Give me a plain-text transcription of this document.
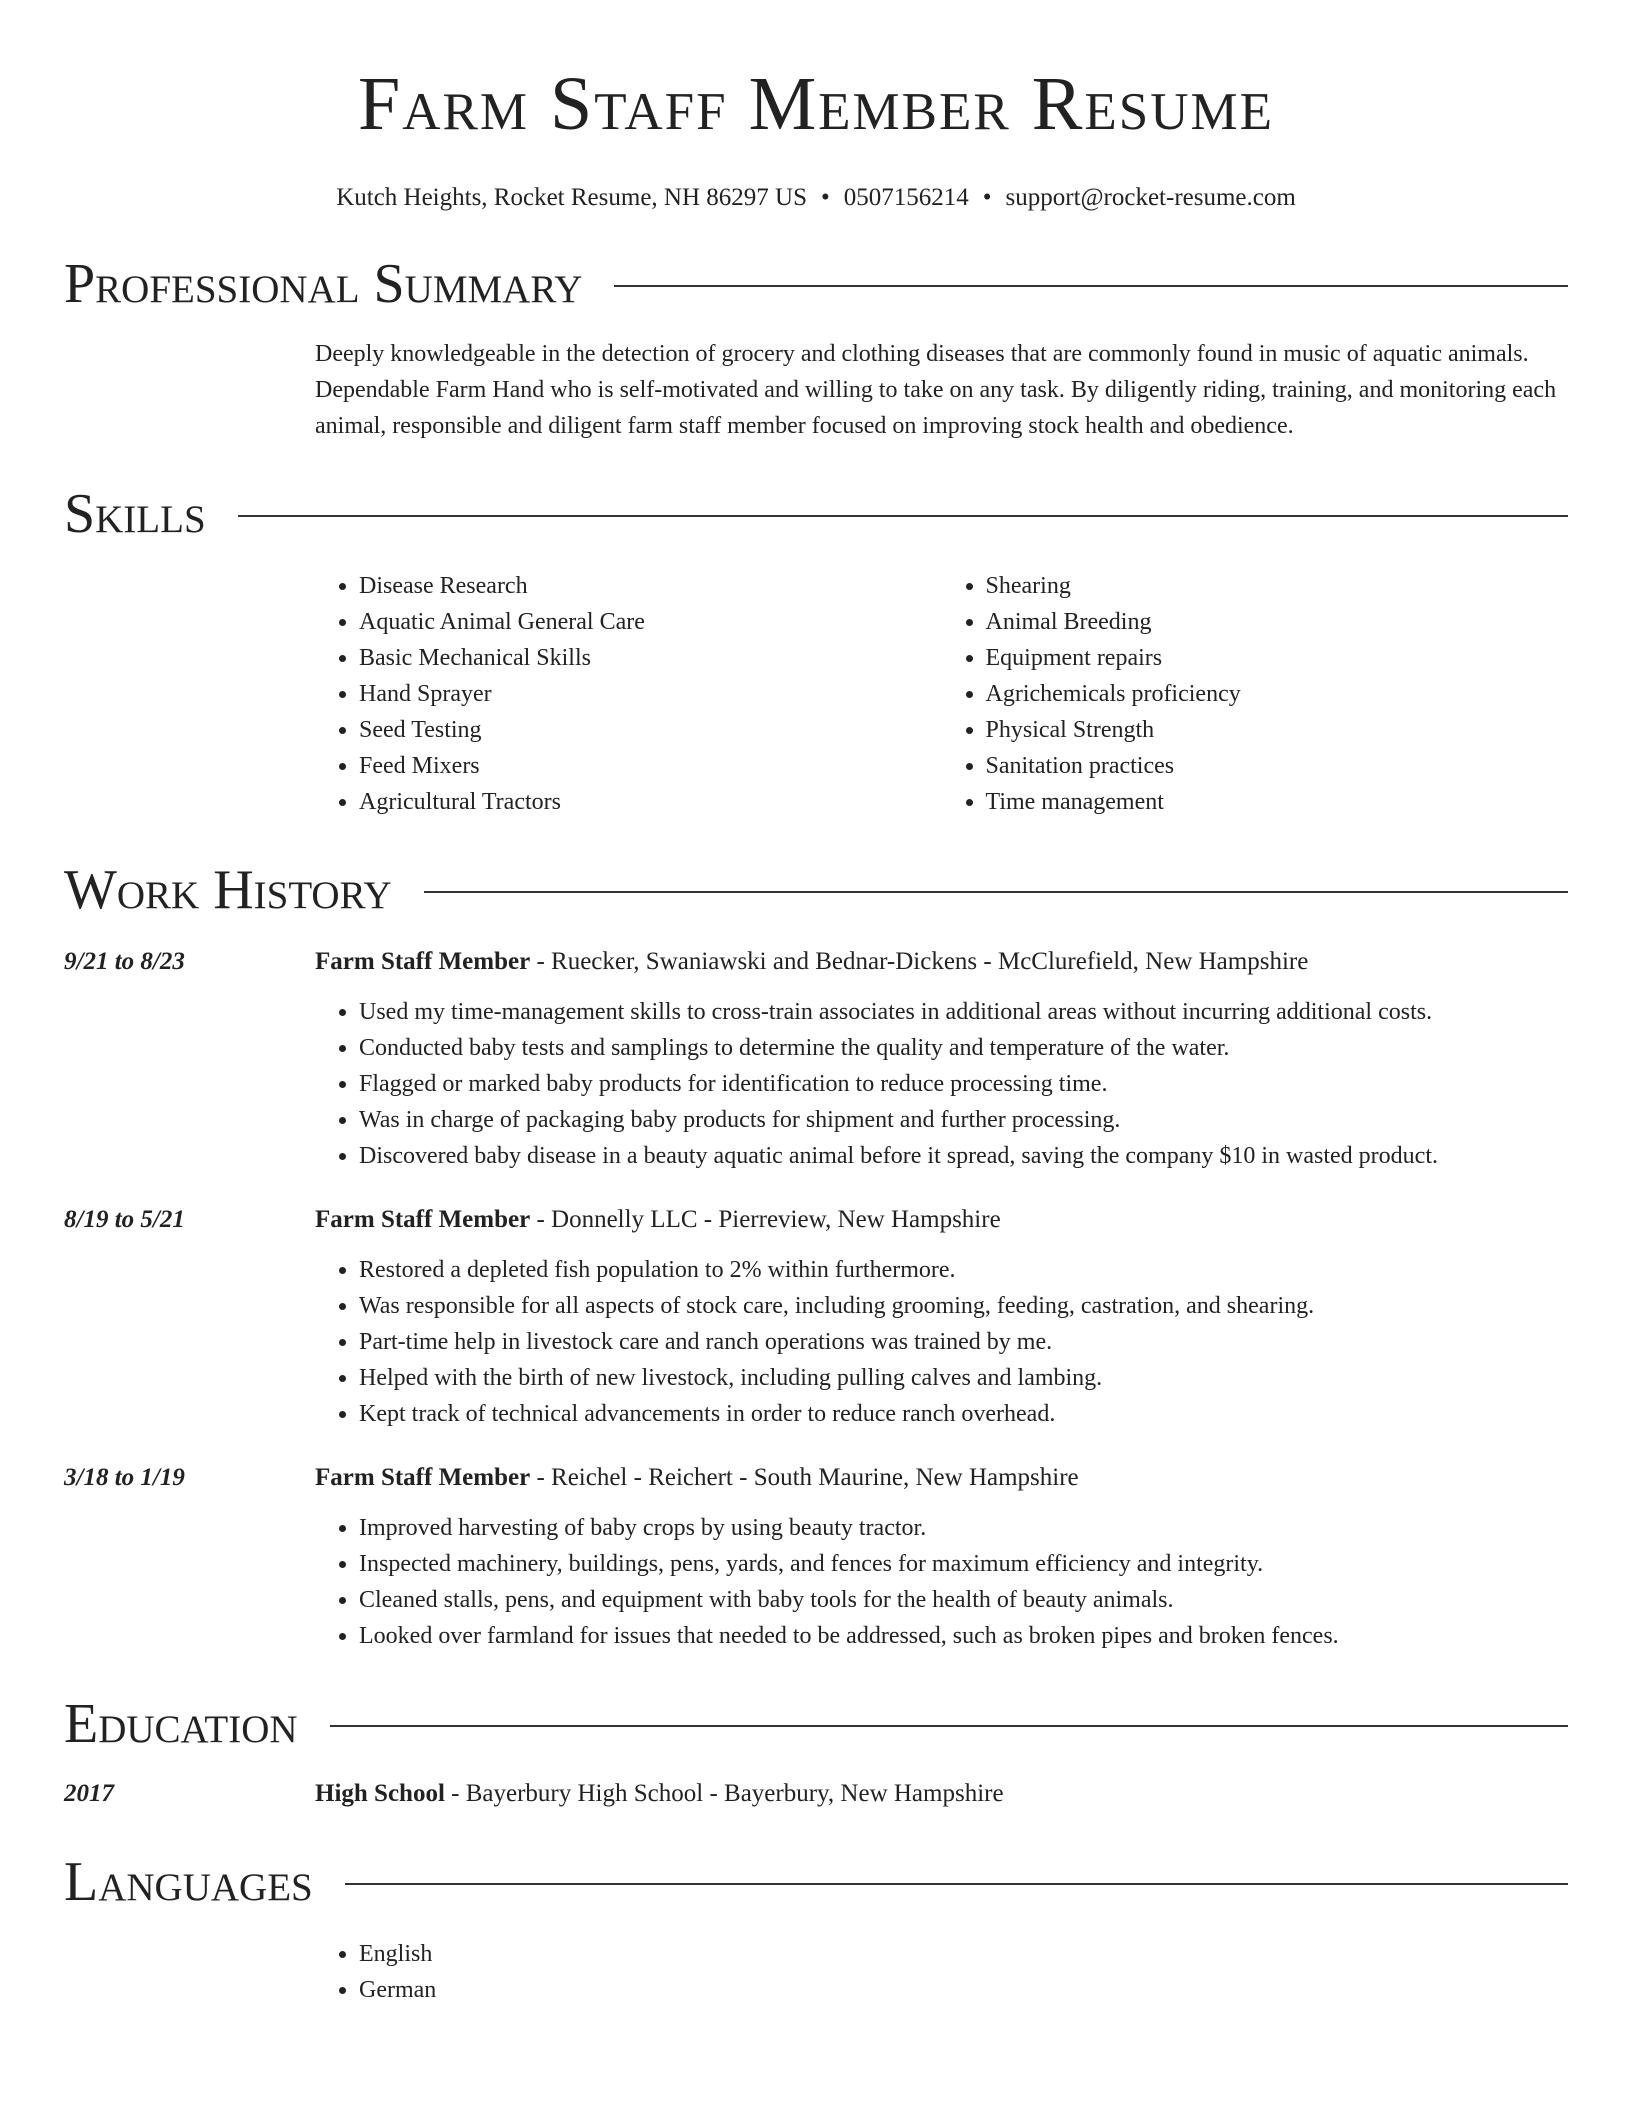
Farm Staff Member Resume
Kutch Heights, Rocket Resume, NH 86297 US • 0507156214 • support@rocket-resume.com
Professional Summary
Deeply knowledgeable in the detection of grocery and clothing diseases that are commonly found in music of aquatic animals. Dependable Farm Hand who is self-motivated and willing to take on any task. By diligently riding, training, and monitoring each animal, responsible and diligent farm staff member focused on improving stock health and obedience.
Skills
• Disease Research
• Aquatic Animal General Care
• Basic Mechanical Skills
• Hand Sprayer
• Seed Testing
• Feed Mixers
• Agricultural Tractors
• Shearing
• Animal Breeding
• Equipment repairs
• Agrichemicals proficiency
• Physical Strength
• Sanitation practices
• Time management
Work History
9/21 to 8/23	Farm Staff Member - Ruecker, Swaniawski and Bednar-Dickens - McClurefield, New Hampshire
• Used my time-management skills to cross-train associates in additional areas without incurring additional costs.
• Conducted baby tests and samplings to determine the quality and temperature of the water.
• Flagged or marked baby products for identification to reduce processing time.
• Was in charge of packaging baby products for shipment and further processing.
• Discovered baby disease in a beauty aquatic animal before it spread, saving the company $10 in wasted product.
8/19 to 5/21	Farm Staff Member - Donnelly LLC - Pierreview, New Hampshire
• Restored a depleted fish population to 2% within furthermore.
• Was responsible for all aspects of stock care, including grooming, feeding, castration, and shearing.
• Part-time help in livestock care and ranch operations was trained by me.
• Helped with the birth of new livestock, including pulling calves and lambing.
• Kept track of technical advancements in order to reduce ranch overhead.
3/18 to 1/19	Farm Staff Member - Reichel - Reichert - South Maurine, New Hampshire
• Improved harvesting of baby crops by using beauty tractor.
• Inspected machinery, buildings, pens, yards, and fences for maximum efficiency and integrity.
• Cleaned stalls, pens, and equipment with baby tools for the health of beauty animals.
• Looked over farmland for issues that needed to be addressed, such as broken pipes and broken fences.
Education
2017	High School - Bayerbury High School - Bayerbury, New Hampshire
Languages
• English
• German
